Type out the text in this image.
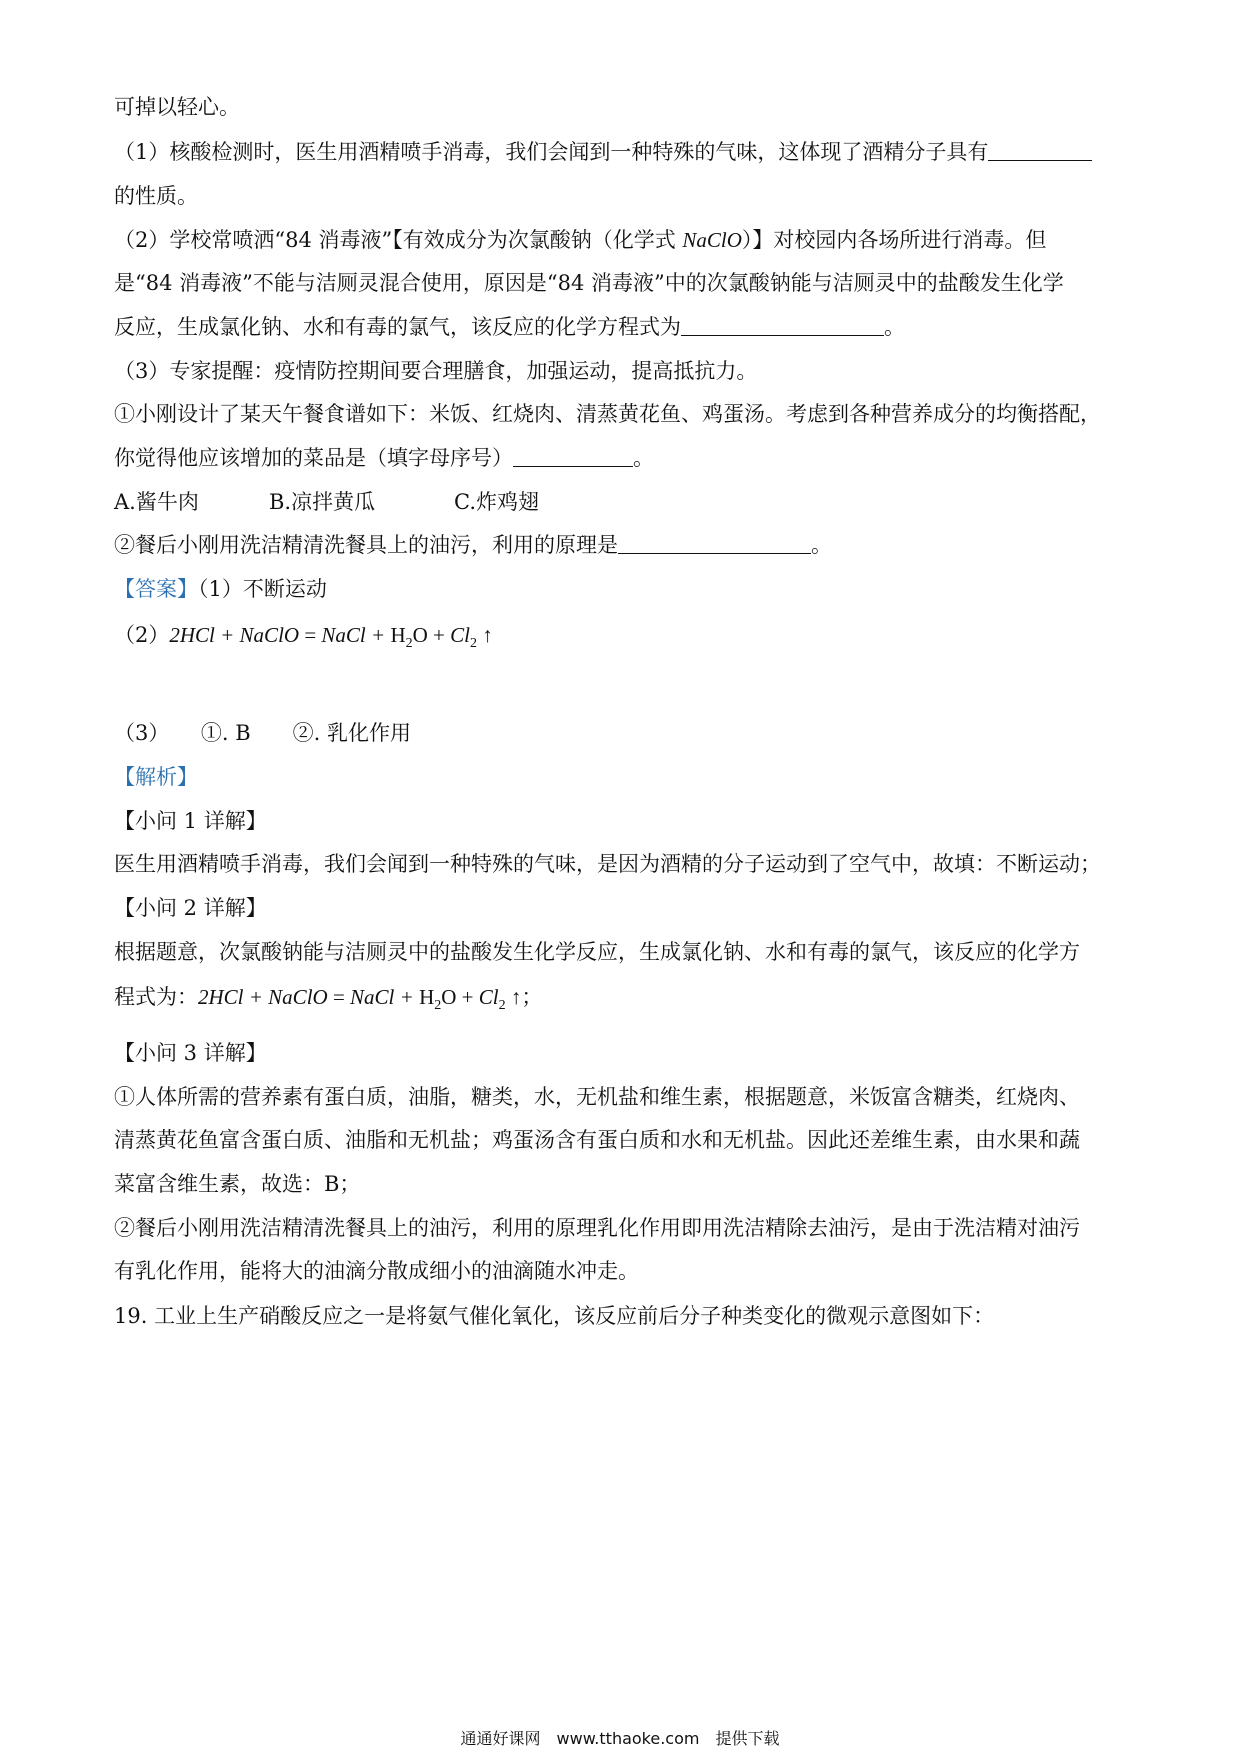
可掉以轻心。
（1）核酸检测时，医生用酒精喷手消毒，我们会闻到一种特殊的气味，这体现了酒精分子具有
的性质。
（2）学校常喷洒“84 消毒液”【有效成分为次氯酸钠（化学式 NaClO）】对校园内各场所进行消毒。但
是“84 消毒液”不能与洁厕灵混合使用，原因是“84 消毒液”中的次氯酸钠能与洁厕灵中的盐酸发生化学
反应，生成氯化钠、水和有毒的氯气，该反应的化学方程式为	。
（3）专家提醒：疫情防控期间要合理膳食，加强运动，提高抵抗力。
①小刚设计了某天午餐食谱如下：米饭、红烧肉、清蒸黄花鱼、鸡蛋汤。考虑到各种营养成分的均衡搭配，
你觉得他应该增加的菜品是（填字母序号）	。
A.酱牛肉	B.凉拌黄瓜	C.炸鸡翅
②餐后小刚用洗洁精清洗餐具上的油污，利用的原理是	。
【答案】（1）不断运动
（2）2HCl + NaClO = NaCl + $H_2O + Cl_2$ ↑
（3）　　①. B　　②. 乳化作用
【解析】
【小问 1 详解】
医生用酒精喷手消毒，我们会闻到一种特殊的气味，是因为酒精的分子运动到了空气中，故填：不断运动；
【小问 2 详解】
根据题意，次氯酸钠能与洁厕灵中的盐酸发生化学反应，生成氯化钠、水和有毒的氯气，该反应的化学方
程式为：2HCl + NaClO = NaCl + $H_2O + Cl_2$ ↑；
【小问 3 详解】
①人体所需的营养素有蛋白质，油脂，糖类，水，无机盐和维生素，根据题意，米饭富含糖类，红烧肉、
清蒸黄花鱼富含蛋白质、油脂和无机盐；鸡蛋汤含有蛋白质和水和无机盐。因此还差维生素，由水果和蔬
菜富含维生素，故选：B；
②餐后小刚用洗洁精清洗餐具上的油污，利用的原理乳化作用即用洗洁精除去油污，是由于洗洁精对油污
有乳化作用，能将大的油滴分散成细小的油滴随水冲走。
19. 工业上生产硝酸反应之一是将氨气催化氧化，该反应前后分子种类变化的微观示意图如下：
通通好课网　www.tthaoke.com　提供下载
